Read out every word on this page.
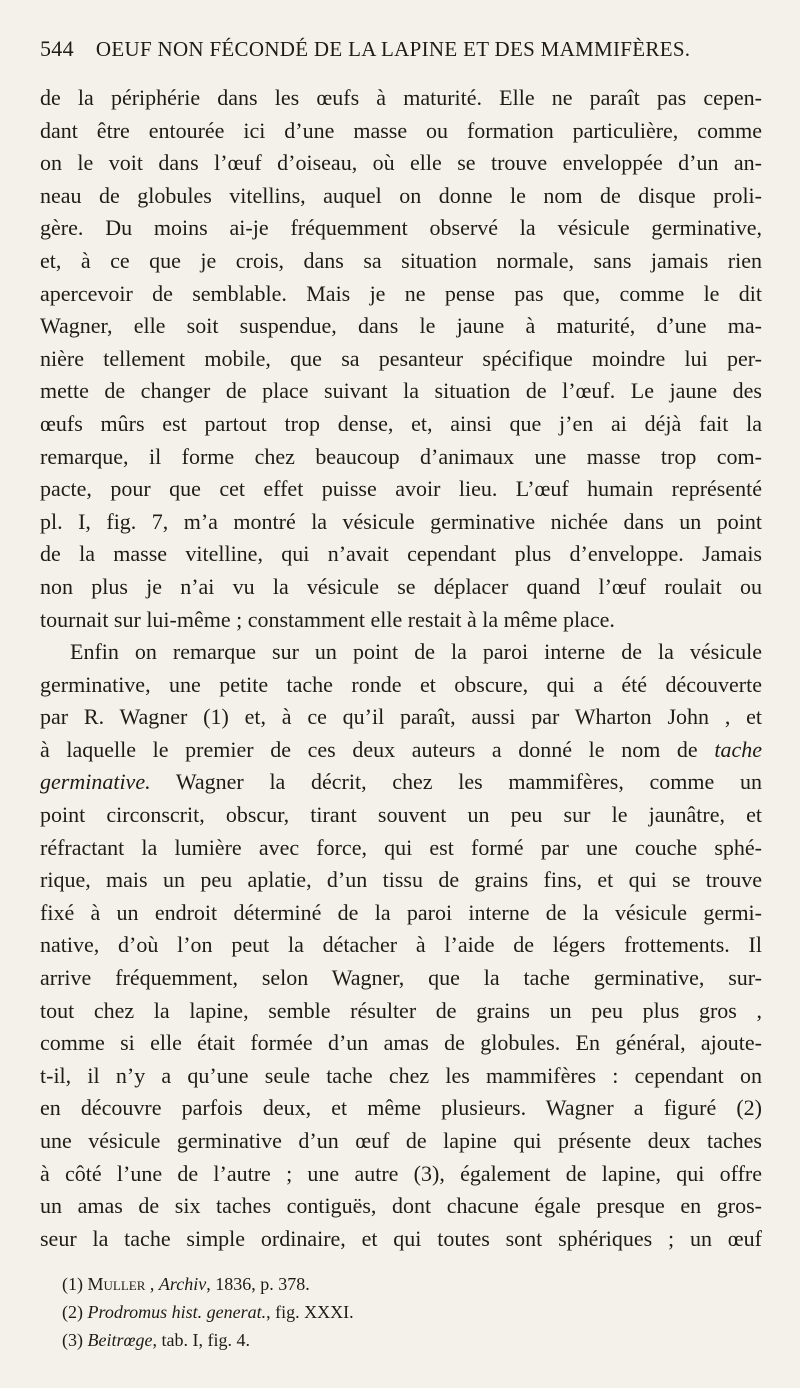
544 OEUF NON FÉCONDÉ DE LA LAPINE ET DES MAMMIFÈRES.
de la périphérie dans les œufs à maturité. Elle ne paraît pas cepen-
dant être entourée ici d’une masse ou formation particulière, comme
on le voit dans l’œuf d’oiseau, où elle se trouve enveloppée d’un an-
neau de globules vitellins, auquel on donne le nom de disque proli-
gère. Du moins ai-je fréquemment observé la vésicule germinative,
et, à ce que je crois, dans sa situation normale, sans jamais rien
apercevoir de semblable. Mais je ne pense pas que, comme le dit
Wagner, elle soit suspendue, dans le jaune à maturité, d’une ma-
nière tellement mobile, que sa pesanteur spécifique moindre lui per-
mette de changer de place suivant la situation de l’œuf. Le jaune des
œufs mûrs est partout trop dense, et, ainsi que j’en ai déjà fait la
remarque, il forme chez beaucoup d’animaux une masse trop com-
pacte, pour que cet effet puisse avoir lieu. L’œuf humain représenté
pl. I, fig. 7, m’a montré la vésicule germinative nichée dans un point
de la masse vitelline, qui n’avait cependant plus d’enveloppe. Jamais
non plus je n’ai vu la vésicule se déplacer quand l’œuf roulait ou
tournait sur lui-même ; constamment elle restait à la même place.
Enfin on remarque sur un point de la paroi interne de la vésicule
germinative, une petite tache ronde et obscure, qui a été découverte
par R. Wagner (1) et, à ce qu’il paraît, aussi par Wharton John , et
à laquelle le premier de ces deux auteurs a donné le nom de tache
germinative. Wagner la décrit, chez les mammifères, comme un
point circonscrit, obscur, tirant souvent un peu sur le jaunâtre, et
réfractant la lumière avec force, qui est formé par une couche sphé-
rique, mais un peu aplatie, d’un tissu de grains fins, et qui se trouve
fixé à un endroit déterminé de la paroi interne de la vésicule germi-
native, d’où l’on peut la détacher à l’aide de légers frottements. Il
arrive fréquemment, selon Wagner, que la tache germinative, sur-
tout chez la lapine, semble résulter de grains un peu plus gros ,
comme si elle était formée d’un amas de globules. En général, ajoute-
t-il, il n’y a qu’une seule tache chez les mammifères : cependant on
en découvre parfois deux, et même plusieurs. Wagner a figuré (2)
une vésicule germinative d’un œuf de lapine qui présente deux taches
à côté l’une de l’autre ; une autre (3), également de lapine, qui offre
un amas de six taches contiguës, dont chacune égale presque en gros-
seur la tache simple ordinaire, et qui toutes sont sphériques ; un œuf
(1) Muller , Archiv, 1836, p. 378.
(2) Prodromus hist. generat., fig. XXXI.
(3) Beitrœge, tab. I, fig. 4.
